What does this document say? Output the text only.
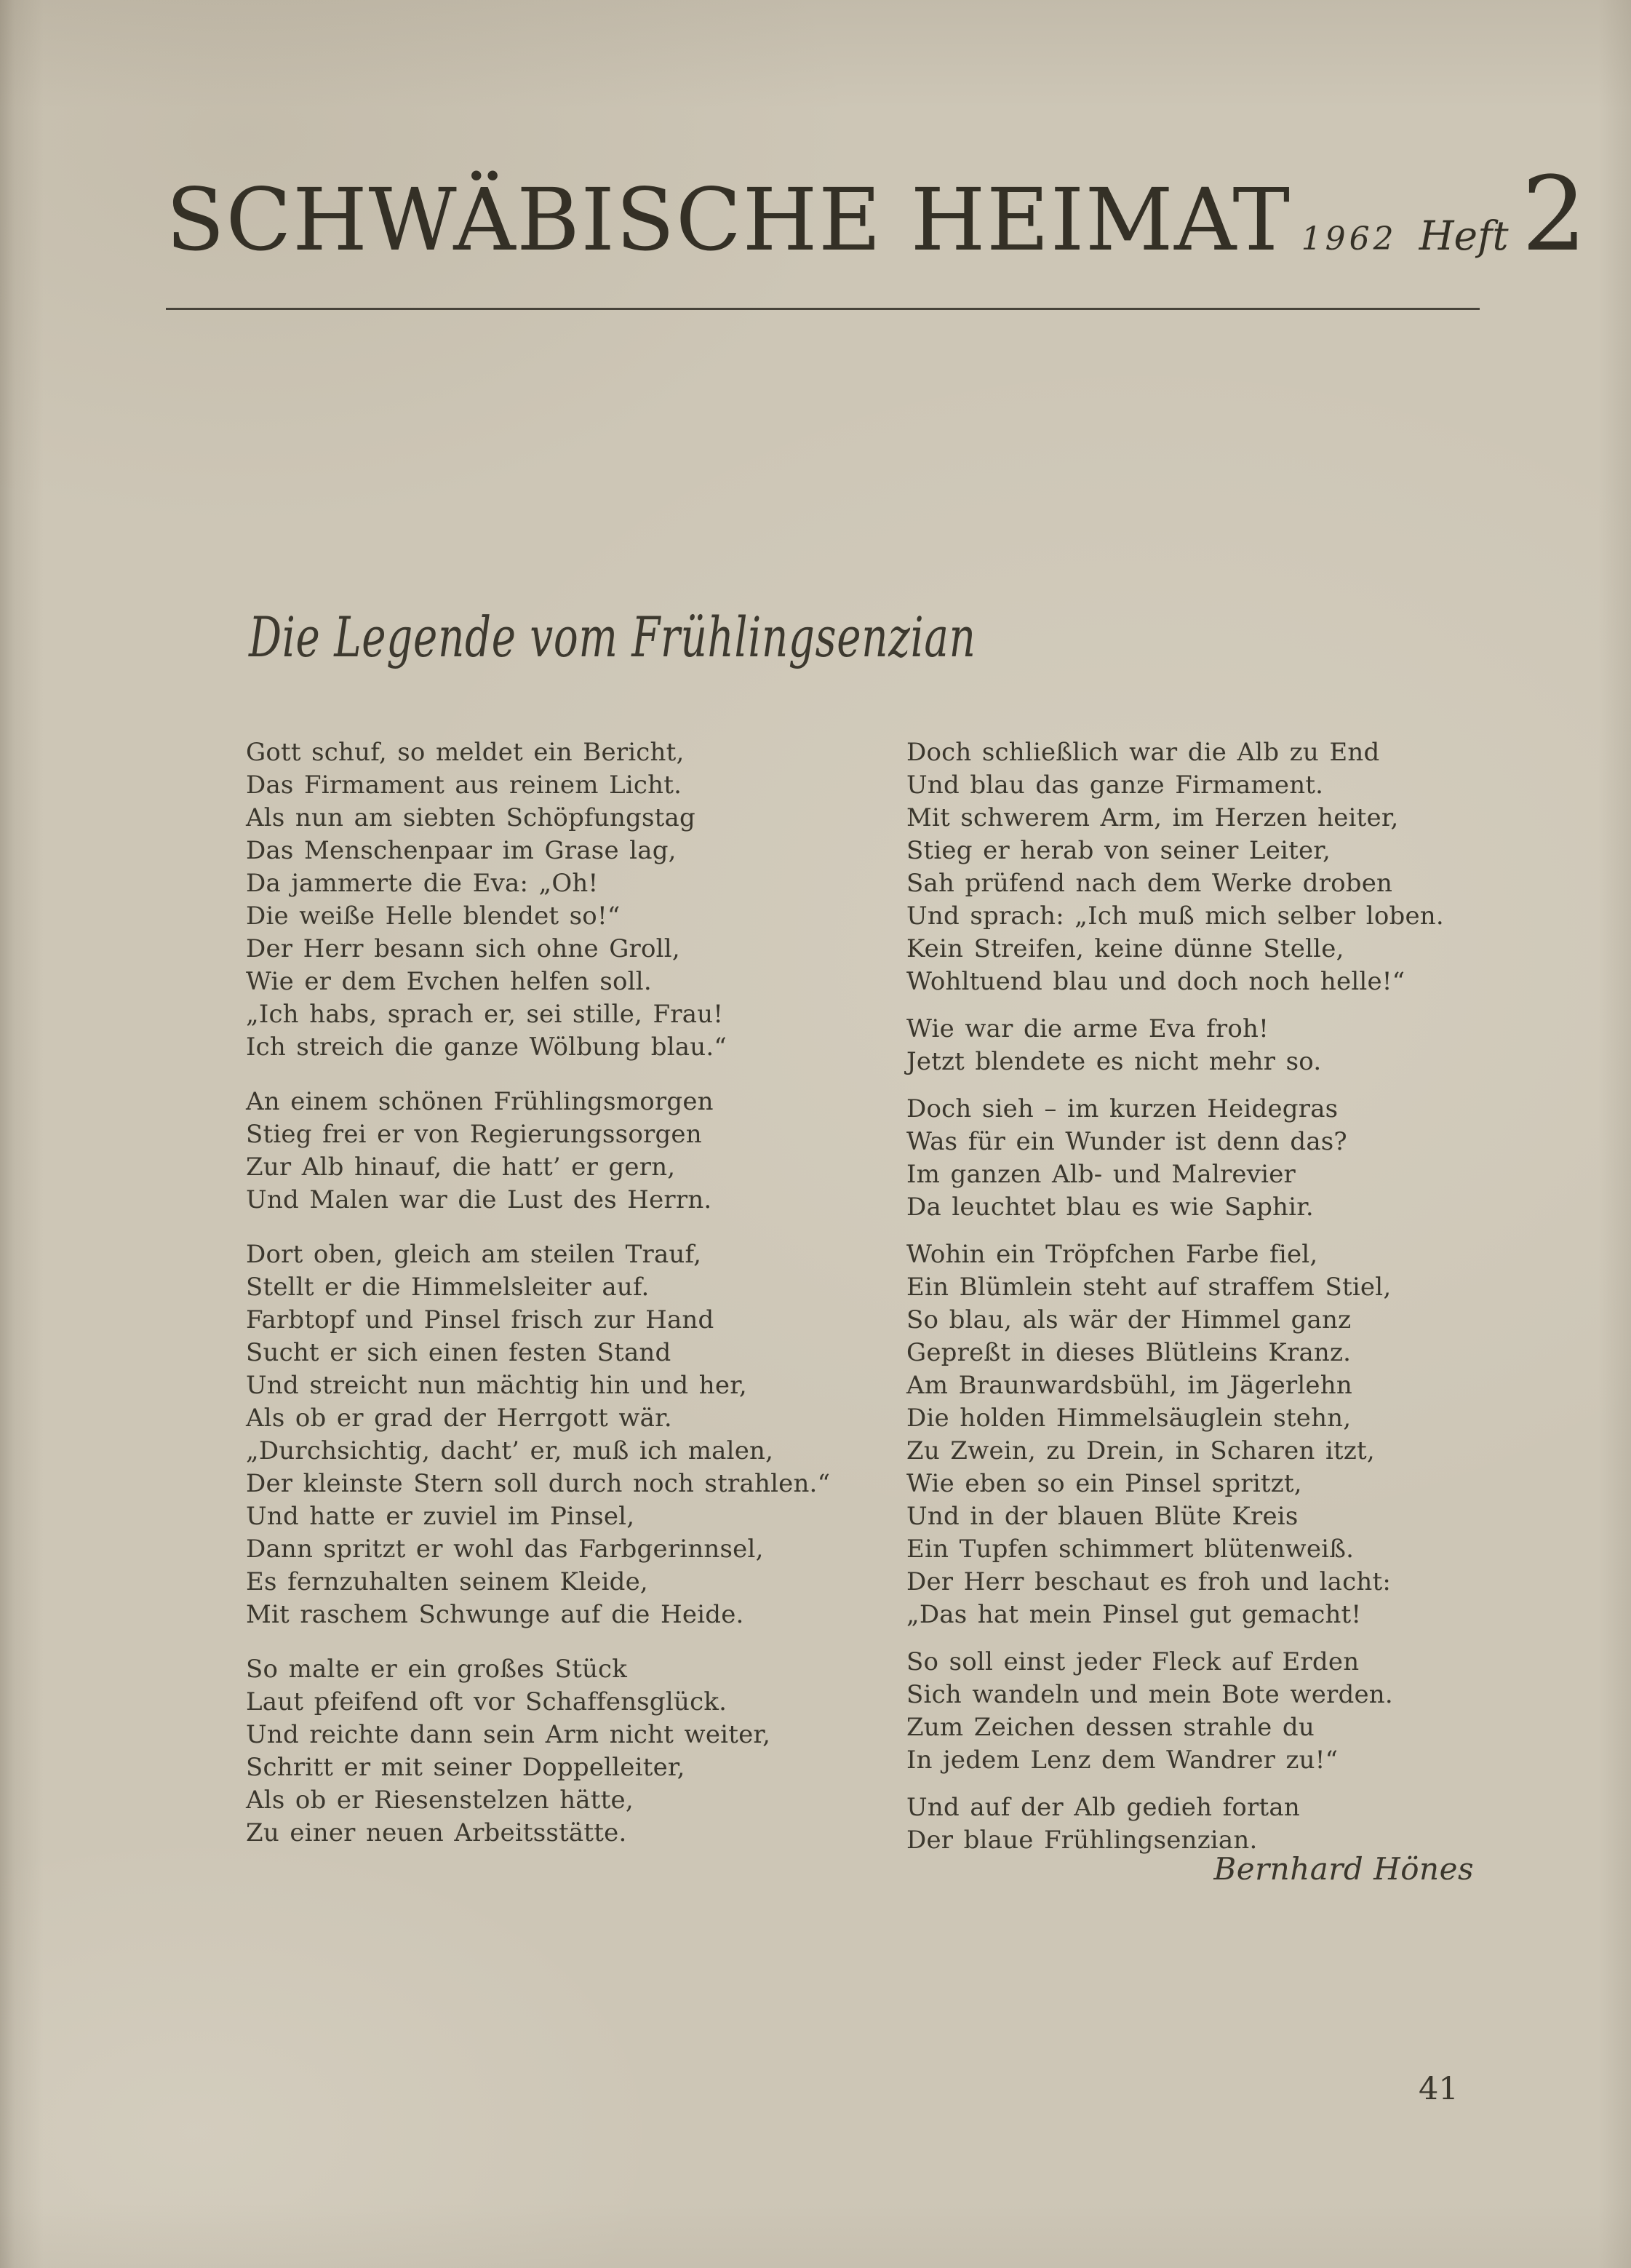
SCHWÄBISCHE HEIMAT 1962 Heft 2
Die Legende vom Frühlingsenzian
Gott schuf, so meldet ein Bericht,
Das Firmament aus reinem Licht.
Als nun am siebten Schöpfungstag
Das Menschenpaar im Grase lag,
Da jammerte die Eva: „Oh!
Die weiße Helle blendet so!“
Der Herr besann sich ohne Groll,
Wie er dem Evchen helfen soll.
„Ich habs, sprach er, sei stille, Frau!
Ich streich die ganze Wölbung blau.“
An einem schönen Frühlingsmorgen
Stieg frei er von Regierungssorgen
Zur Alb hinauf, die hatt’ er gern,
Und Malen war die Lust des Herrn.
Dort oben, gleich am steilen Trauf,
Stellt er die Himmelsleiter auf.
Farbtopf und Pinsel frisch zur Hand
Sucht er sich einen festen Stand
Und streicht nun mächtig hin und her,
Als ob er grad der Herrgott wär.
„Durchsichtig, dacht’ er, muß ich malen,
Der kleinste Stern soll durch noch strahlen.“
Und hatte er zuviel im Pinsel,
Dann spritzt er wohl das Farbgerinnsel,
Es fernzuhalten seinem Kleide,
Mit raschem Schwunge auf die Heide.
So malte er ein großes Stück
Laut pfeifend oft vor Schaffensglück.
Und reichte dann sein Arm nicht weiter,
Schritt er mit seiner Doppelleiter,
Als ob er Riesenstelzen hätte,
Zu einer neuen Arbeitsstätte.
Doch schließlich war die Alb zu End
Und blau das ganze Firmament.
Mit schwerem Arm, im Herzen heiter,
Stieg er herab von seiner Leiter,
Sah prüfend nach dem Werke droben
Und sprach: „Ich muß mich selber loben.
Kein Streifen, keine dünne Stelle,
Wohltuend blau und doch noch helle!“
Wie war die arme Eva froh!
Jetzt blendete es nicht mehr so.
Doch sieh – im kurzen Heidegras
Was für ein Wunder ist denn das?
Im ganzen Alb- und Malrevier
Da leuchtet blau es wie Saphir.
Wohin ein Tröpfchen Farbe fiel,
Ein Blümlein steht auf straffem Stiel,
So blau, als wär der Himmel ganz
Gepreßt in dieses Blütleins Kranz.
Am Braunwardsbühl, im Jägerlehn
Die holden Himmelsäuglein stehn,
Zu Zwein, zu Drein, in Scharen itzt,
Wie eben so ein Pinsel spritzt,
Und in der blauen Blüte Kreis
Ein Tupfen schimmert blütenweiß.
Der Herr beschaut es froh und lacht:
„Das hat mein Pinsel gut gemacht!
So soll einst jeder Fleck auf Erden
Sich wandeln und mein Bote werden.
Zum Zeichen dessen strahle du
In jedem Lenz dem Wandrer zu!“
Und auf der Alb gedieh fortan
Der blaue Frühlingsenzian.
Bernhard Hönes
41
